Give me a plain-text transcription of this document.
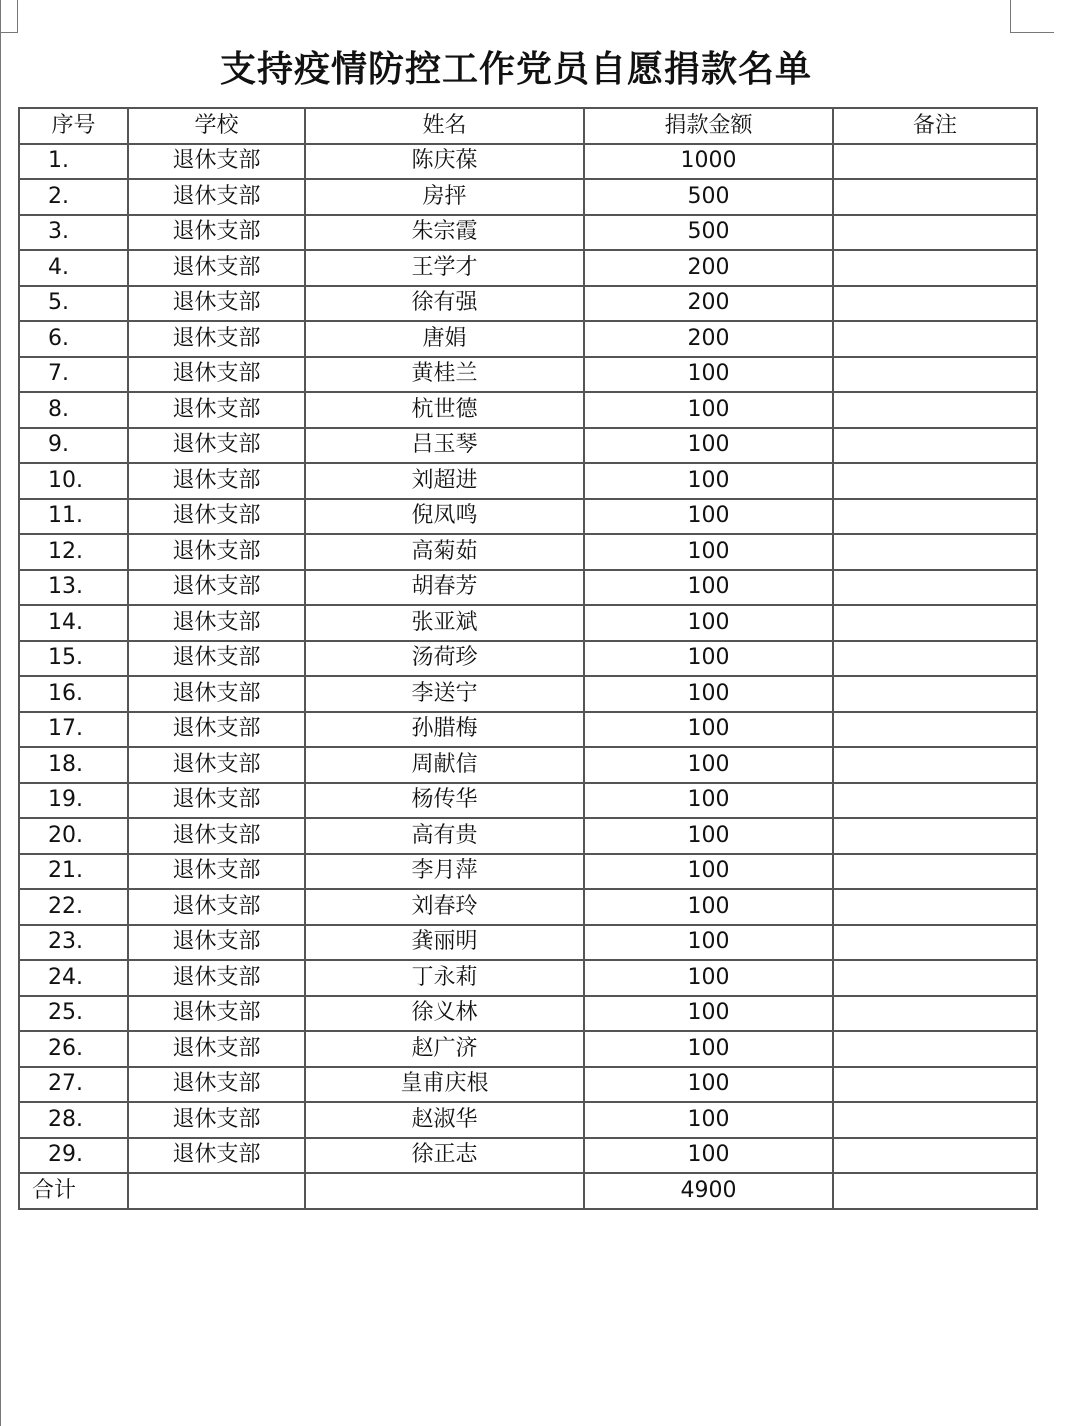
支持疫情防控工作党员自愿捐款名单
序号	学校	姓名	捐款金额	备注
1.	退休支部	陈庆葆	1000	
2.	退休支部	房抨	500	
3.	退休支部	朱宗霞	500	
4.	退休支部	王学才	200	
5.	退休支部	徐有强	200	
6.	退休支部	唐娟	200	
7.	退休支部	黄桂兰	100	
8.	退休支部	杭世德	100	
9.	退休支部	吕玉琴	100	
10.	退休支部	刘超进	100	
11.	退休支部	倪凤鸣	100	
12.	退休支部	高菊茹	100	
13.	退休支部	胡春芳	100	
14.	退休支部	张亚斌	100	
15.	退休支部	汤荷珍	100	
16.	退休支部	李送宁	100	
17.	退休支部	孙腊梅	100	
18.	退休支部	周献信	100	
19.	退休支部	杨传华	100	
20.	退休支部	高有贵	100	
21.	退休支部	李月萍	100	
22.	退休支部	刘春玲	100	
23.	退休支部	龚丽明	100	
24.	退休支部	丁永莉	100	
25.	退休支部	徐义林	100	
26.	退休支部	赵广济	100	
27.	退休支部	皇甫庆根	100	
28.	退休支部	赵淑华	100	
29.	退休支部	徐正志	100	
合计			4900	
